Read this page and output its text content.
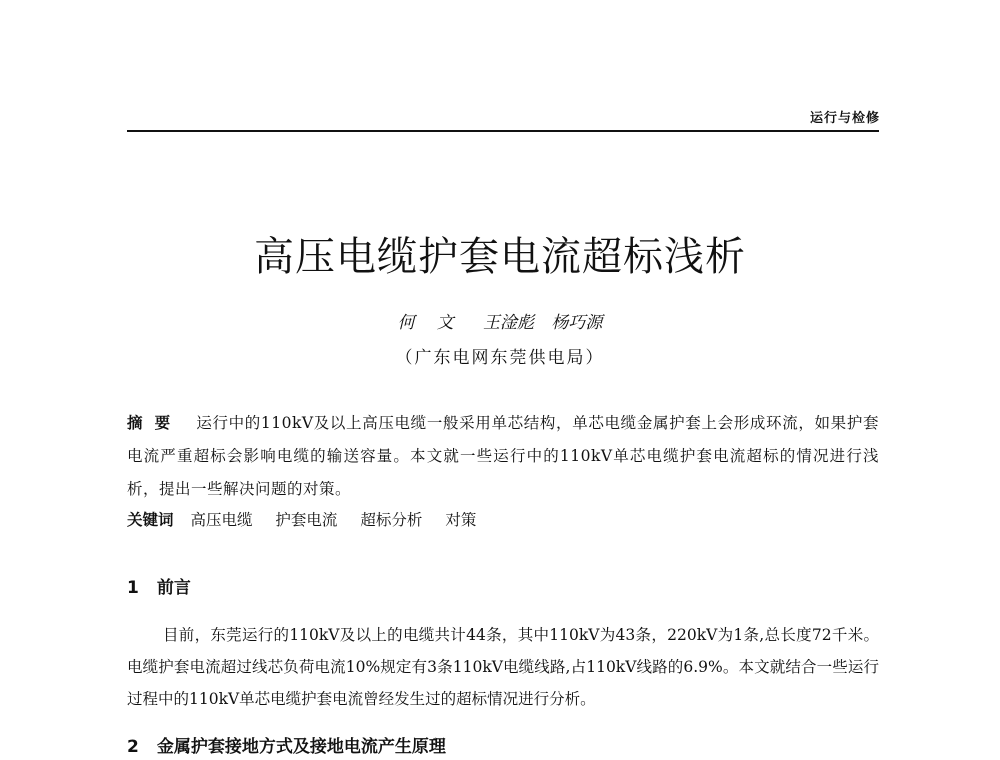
运行与检修
高压电缆护套电流超标浅析
何文 王淦彪 杨巧源
（广东电网东莞供电局）
摘要 运行中的110kV及以上高压电缆一般采用单芯结构，单芯电缆金属护套上会形成环流，如果护套电流严重超标会影响电缆的输送容量。本文就一些运行中的110kV单芯电缆护套电流超标的情况进行浅析，提出一些解决问题的对策。
关键词 高压电缆 护套电流 超标分析 对策
1 前言

目前，东莞运行的110kV及以上的电缆共计44条，其中110kV为43条，220kV为1条,总长度72千米。电缆护套电流超过线芯负荷电流10%规定有3条110kV电缆线路,占110kV线路的6.9%。本文就结合一些运行过程中的110kV单芯电缆护套电流曾经发生过的超标情况进行分析。

2 金属护套接地方式及接地电流产生原理
